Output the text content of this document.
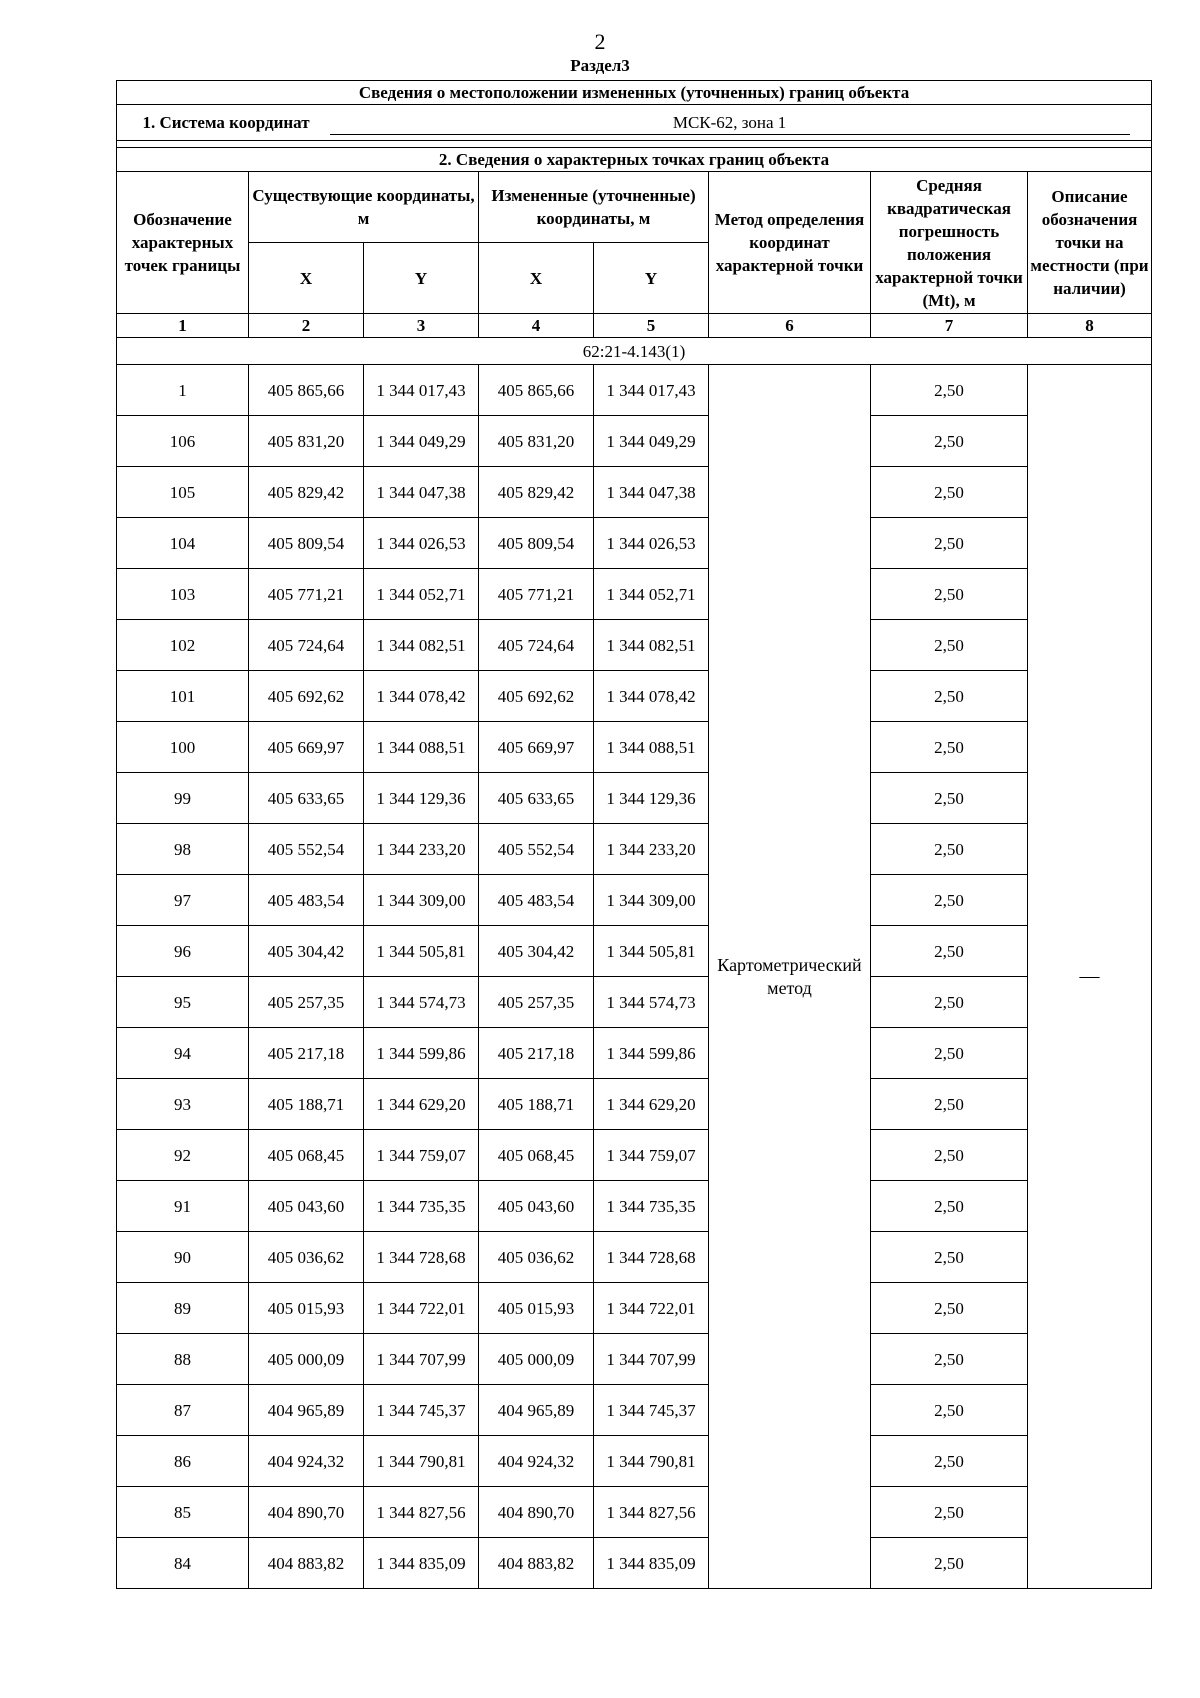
2
Раздел3
Сведения о местоположении измененных (уточненных) границ объекта							
1. Система координат МСК-62, зона 1							

2. Сведения о характерных точках границ объекта							
Обозначение характерных точек границы	Существующие координаты, м		Измененные (уточненные) координаты, м		Метод определения координат характерной точки	Средняя квадратическая погрешность положения характерной точки (Mt), м	Описание обозначения точки на местности (при наличии)
	X	Y	X	Y			
1	2	3	4	5	6	7	8
62:21-4.143(1)							
1	405 865,66	1 344 017,43	405 865,66	1 344 017,43	Картометрический метод	2,50	—
106	405 831,20	1 344 049,29	405 831,20	1 344 049,29		2,50	
105	405 829,42	1 344 047,38	405 829,42	1 344 047,38		2,50	
104	405 809,54	1 344 026,53	405 809,54	1 344 026,53		2,50	
103	405 771,21	1 344 052,71	405 771,21	1 344 052,71		2,50	
102	405 724,64	1 344 082,51	405 724,64	1 344 082,51		2,50	
101	405 692,62	1 344 078,42	405 692,62	1 344 078,42		2,50	
100	405 669,97	1 344 088,51	405 669,97	1 344 088,51		2,50	
99	405 633,65	1 344 129,36	405 633,65	1 344 129,36		2,50	
98	405 552,54	1 344 233,20	405 552,54	1 344 233,20		2,50	
97	405 483,54	1 344 309,00	405 483,54	1 344 309,00		2,50	
96	405 304,42	1 344 505,81	405 304,42	1 344 505,81		2,50	
95	405 257,35	1 344 574,73	405 257,35	1 344 574,73		2,50	
94	405 217,18	1 344 599,86	405 217,18	1 344 599,86		2,50	
93	405 188,71	1 344 629,20	405 188,71	1 344 629,20		2,50	
92	405 068,45	1 344 759,07	405 068,45	1 344 759,07		2,50	
91	405 043,60	1 344 735,35	405 043,60	1 344 735,35		2,50	
90	405 036,62	1 344 728,68	405 036,62	1 344 728,68		2,50	
89	405 015,93	1 344 722,01	405 015,93	1 344 722,01		2,50	
88	405 000,09	1 344 707,99	405 000,09	1 344 707,99		2,50	
87	404 965,89	1 344 745,37	404 965,89	1 344 745,37		2,50	
86	404 924,32	1 344 790,81	404 924,32	1 344 790,81		2,50	
85	404 890,70	1 344 827,56	404 890,70	1 344 827,56		2,50	
84	404 883,82	1 344 835,09	404 883,82	1 344 835,09		2,50	
